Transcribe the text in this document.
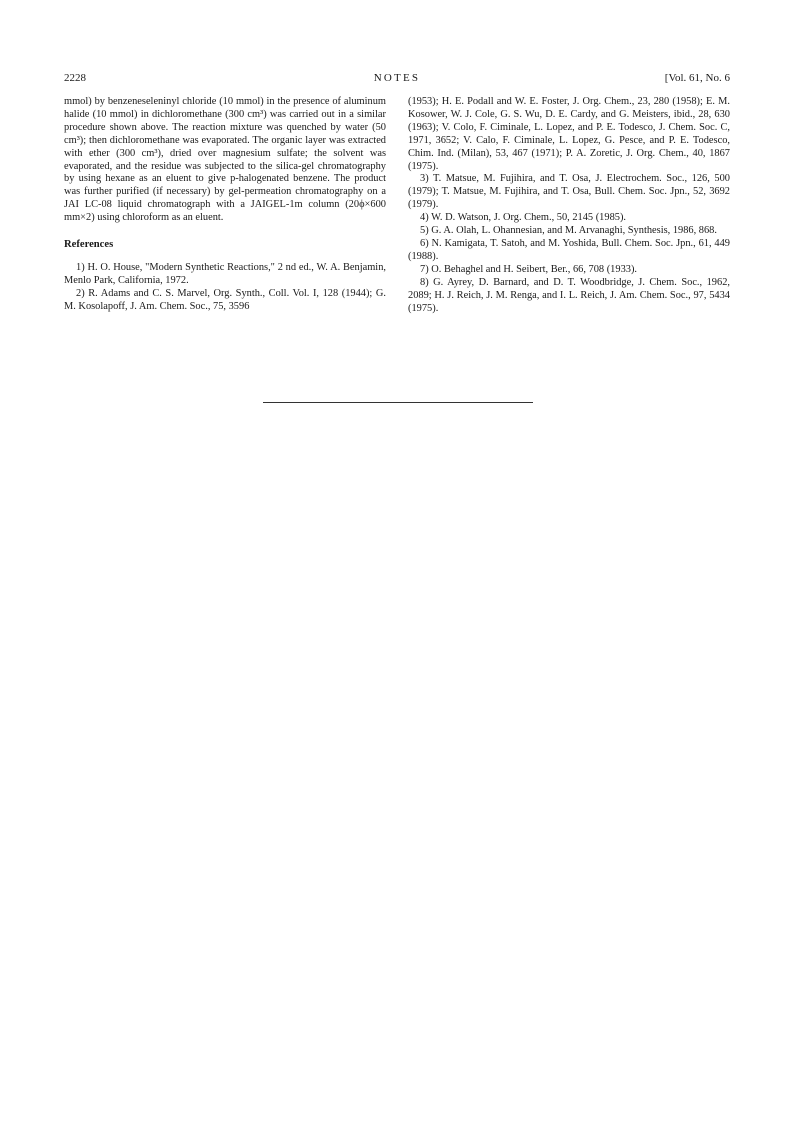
2228	NOTES	[Vol. 61, No. 6

mmol) by benzeneseleninyl chloride (10 mmol) in the presence of aluminum halide (10 mmol) in dichloromethane (300 cm³) was carried out in a similar procedure shown above. The reaction mixture was quenched by water (50 cm³); then dichloromethane was evaporated. The organic layer was extracted with ether (300 cm³), dried over magnesium sulfate; the solvent was evaporated, and the residue was subjected to the silica-gel chromatography by using hexane as an eluent to give p-halogenated benzene. The product was further purified (if necessary) by gel-permeation chromatography on a JAI LC-08 liquid chromatograph with a JAIGEL-1m column (20ϕ×600 mm×2) using chloroform as an eluent.

References

1) H. O. House, "Modern Synthetic Reactions," 2 nd ed., W. A. Benjamin, Menlo Park, California, 1972.

2) R. Adams and C. S. Marvel, Org. Synth., Coll. Vol. I, 128 (1944); G. M. Kosolapoff, J. Am. Chem. Soc., 75, 3596

(1953); H. E. Podall and W. E. Foster, J. Org. Chem., 23, 280 (1958); E. M. Kosower, W. J. Cole, G. S. Wu, D. E. Cardy, and G. Meisters, ibid., 28, 630 (1963); V. Colo, F. Ciminale, L. Lopez, and P. E. Todesco, J. Chem. Soc. C, 1971, 3652; V. Calo, F. Ciminale, L. Lopez, G. Pesce, and P. E. Todesco, Chim. Ind. (Milan), 53, 467 (1971); P. A. Zoretic, J. Org. Chem., 40, 1867 (1975).

3) T. Matsue, M. Fujihira, and T. Osa, J. Electrochem. Soc., 126, 500 (1979); T. Matsue, M. Fujihira, and T. Osa, Bull. Chem. Soc. Jpn., 52, 3692 (1979).

4) W. D. Watson, J. Org. Chem., 50, 2145 (1985).

5) G. A. Olah, L. Ohannesian, and M. Arvanaghi, Synthesis, 1986, 868.

6) N. Kamigata, T. Satoh, and M. Yoshida, Bull. Chem. Soc. Jpn., 61, 449 (1988).

7) O. Behaghel and H. Seibert, Ber., 66, 708 (1933).

8) G. Ayrey, D. Barnard, and D. T. Woodbridge, J. Chem. Soc., 1962, 2089; H. J. Reich, J. M. Renga, and I. L. Reich, J. Am. Chem. Soc., 97, 5434 (1975).
